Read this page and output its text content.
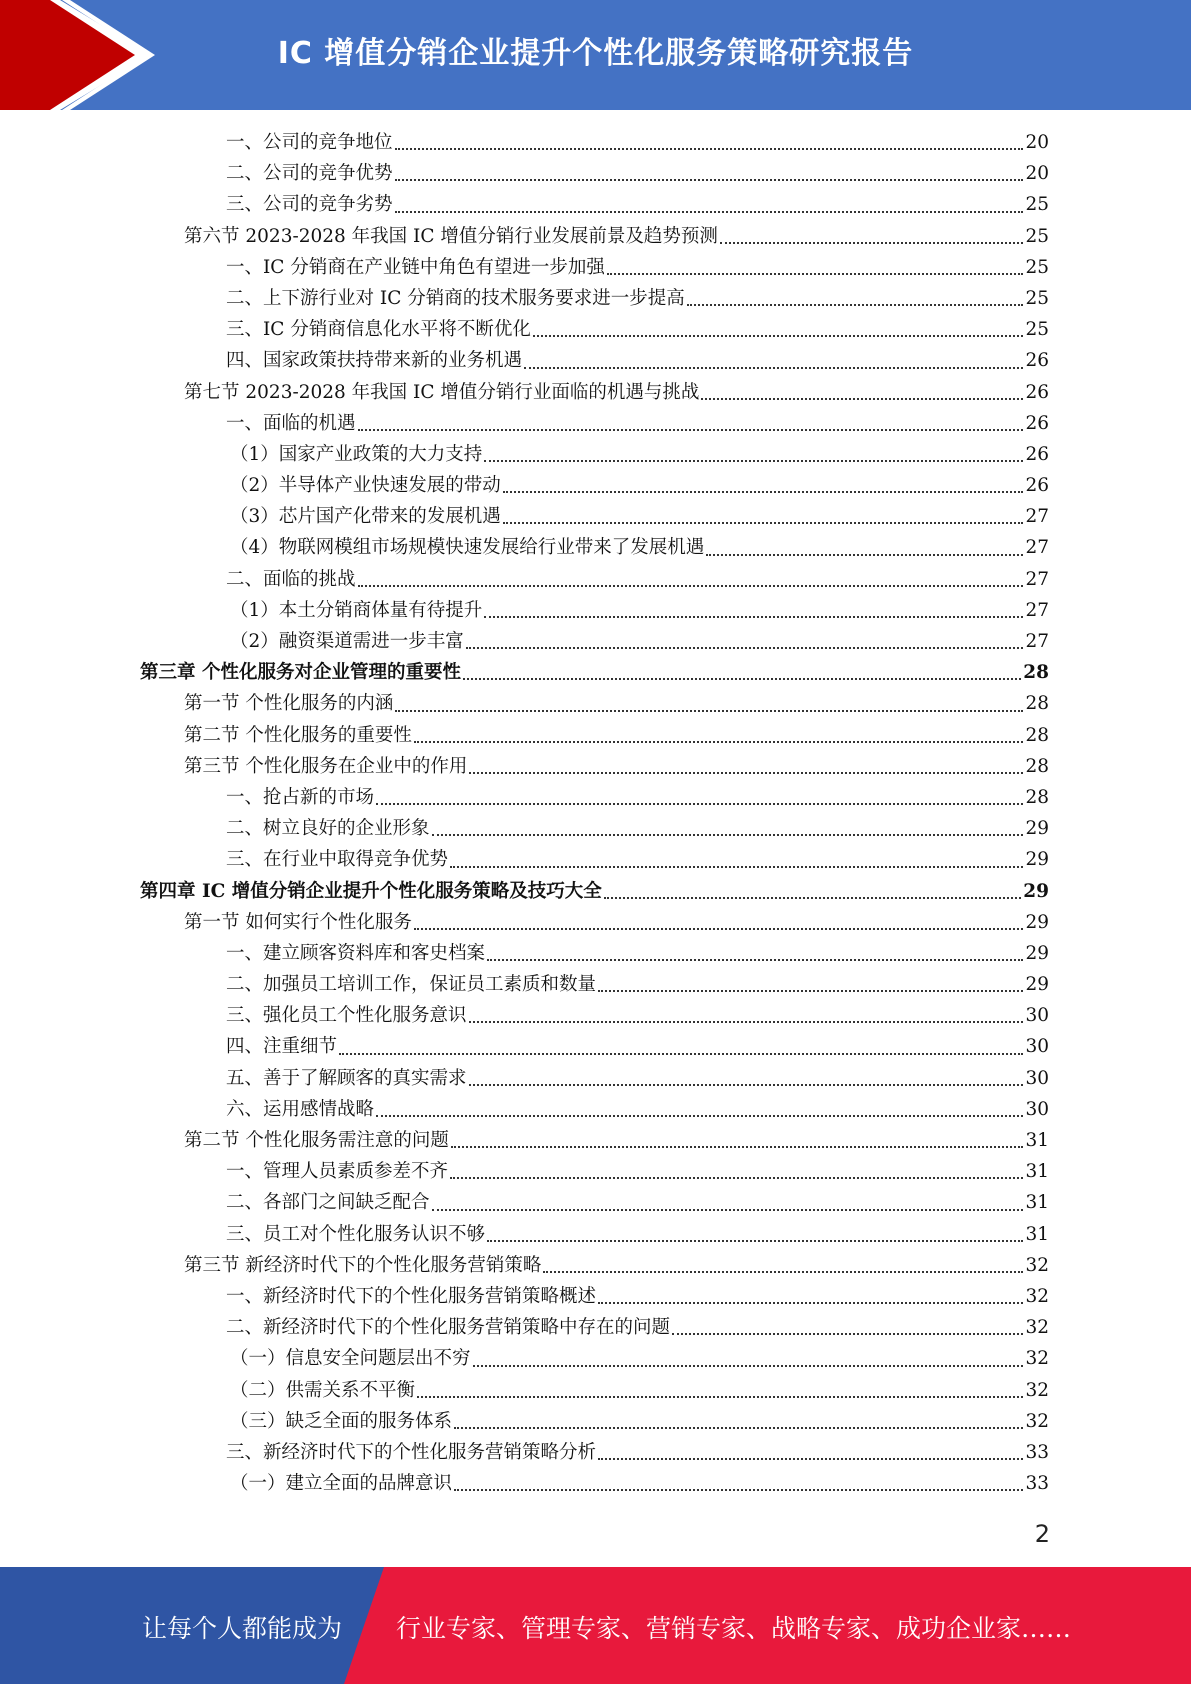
IC 增值分销企业提升个性化服务策略研究报告
一、公司的竞争地位	20
二、公司的竞争优势	20
三、公司的竞争劣势	25
第六节 2023-2028 年我国 IC 增值分销行业发展前景及趋势预测	25
一、IC 分销商在产业链中角色有望进一步加强	25
二、上下游行业对 IC 分销商的技术服务要求进一步提高	25
三、IC 分销商信息化水平将不断优化	25
四、国家政策扶持带来新的业务机遇	26
第七节 2023-2028 年我国 IC 增值分销行业面临的机遇与挑战	26
一、面临的机遇	26
（1）国家产业政策的大力支持	26
（2）半导体产业快速发展的带动	26
（3）芯片国产化带来的发展机遇	27
（4）物联网模组市场规模快速发展给行业带来了发展机遇	27
二、面临的挑战	27
（1）本土分销商体量有待提升	27
（2）融资渠道需进一步丰富	27
第三章 个性化服务对企业管理的重要性	28
第一节 个性化服务的内涵	28
第二节 个性化服务的重要性	28
第三节 个性化服务在企业中的作用	28
一、抢占新的市场	28
二、树立良好的企业形象	29
三、在行业中取得竞争优势	29
第四章 IC 增值分销企业提升个性化服务策略及技巧大全	29
第一节 如何实行个性化服务	29
一、建立顾客资料库和客史档案	29
二、加强员工培训工作，保证员工素质和数量	29
三、强化员工个性化服务意识	30
四、注重细节	30
五、善于了解顾客的真实需求	30
六、运用感情战略	30
第二节 个性化服务需注意的问题	31
一、管理人员素质参差不齐	31
二、各部门之间缺乏配合	31
三、员工对个性化服务认识不够	31
第三节 新经济时代下的个性化服务营销策略	32
一、新经济时代下的个性化服务营销策略概述	32
二、新经济时代下的个性化服务营销策略中存在的问题	32
（一）信息安全问题层出不穷	32
（二）供需关系不平衡	32
（三）缺乏全面的服务体系	32
三、新经济时代下的个性化服务营销策略分析	33
（一）建立全面的品牌意识	33
2
让每个人都能成为 行业专家、管理专家、营销专家、战略专家、成功企业家……
